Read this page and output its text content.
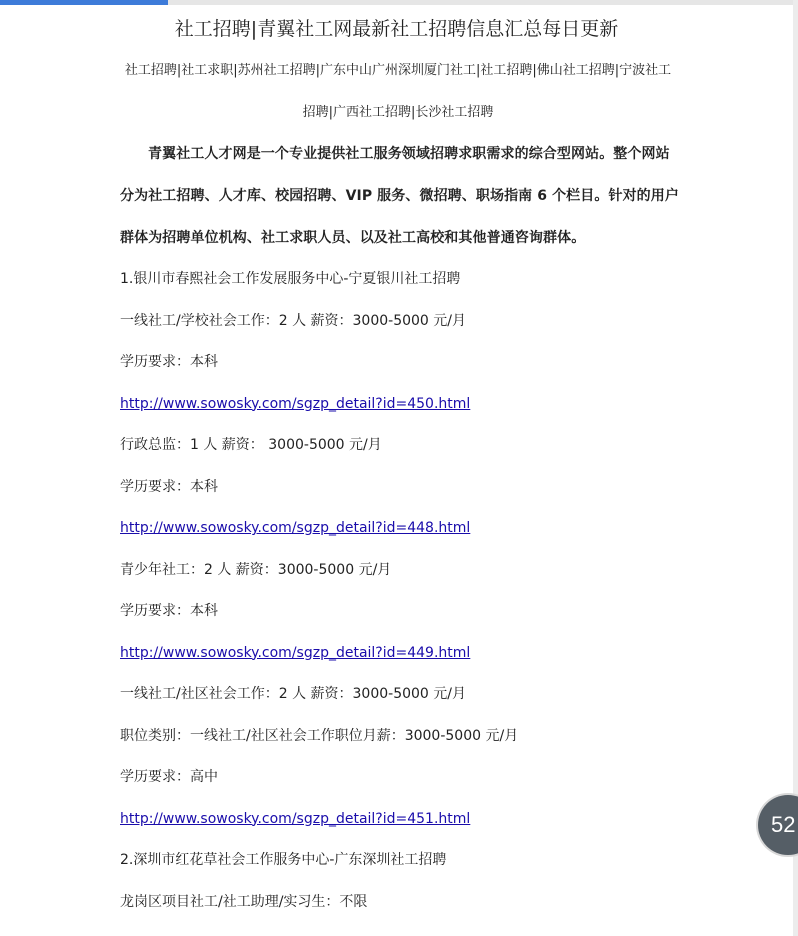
社工招聘|青翼社工网最新社工招聘信息汇总每日更新

社工招聘|社工求职|苏州社工招聘|广东中山广州深圳厦门社工|社工招聘|佛山社工招聘|宁波社工招聘|广西社工招聘|长沙社工招聘

青翼社工人才网是一个专业提供社工服务领域招聘求职需求的综合型网站。整个网站分为社工招聘、人才库、校园招聘、VIP 服务、微招聘、职场指南 6 个栏目。针对的用户群体为招聘单位机构、社工求职人员、以及社工高校和其他普通咨询群体。

1.银川市春熙社会工作发展服务中心-宁夏银川社工招聘

一线社工/学校社会工作：2 人 薪资：3000-5000 元/月

学历要求：本科

http://www.sowosky.com/sgzp_detail?id=450.html

行政总监：1 人 薪资： 3000-5000 元/月

学历要求：本科

http://www.sowosky.com/sgzp_detail?id=448.html

青少年社工：2 人 薪资：3000-5000 元/月

学历要求：本科

http://www.sowosky.com/sgzp_detail?id=449.html

一线社工/社区社会工作：2 人 薪资：3000-5000 元/月

职位类别：一线社工/社区社会工作职位月薪：3000-5000 元/月

学历要求：高中

http://www.sowosky.com/sgzp_detail?id=451.html

2.深圳市红花草社会工作服务中心-广东深圳社工招聘

龙岗区项目社工/社工助理/实习生：不限

52
